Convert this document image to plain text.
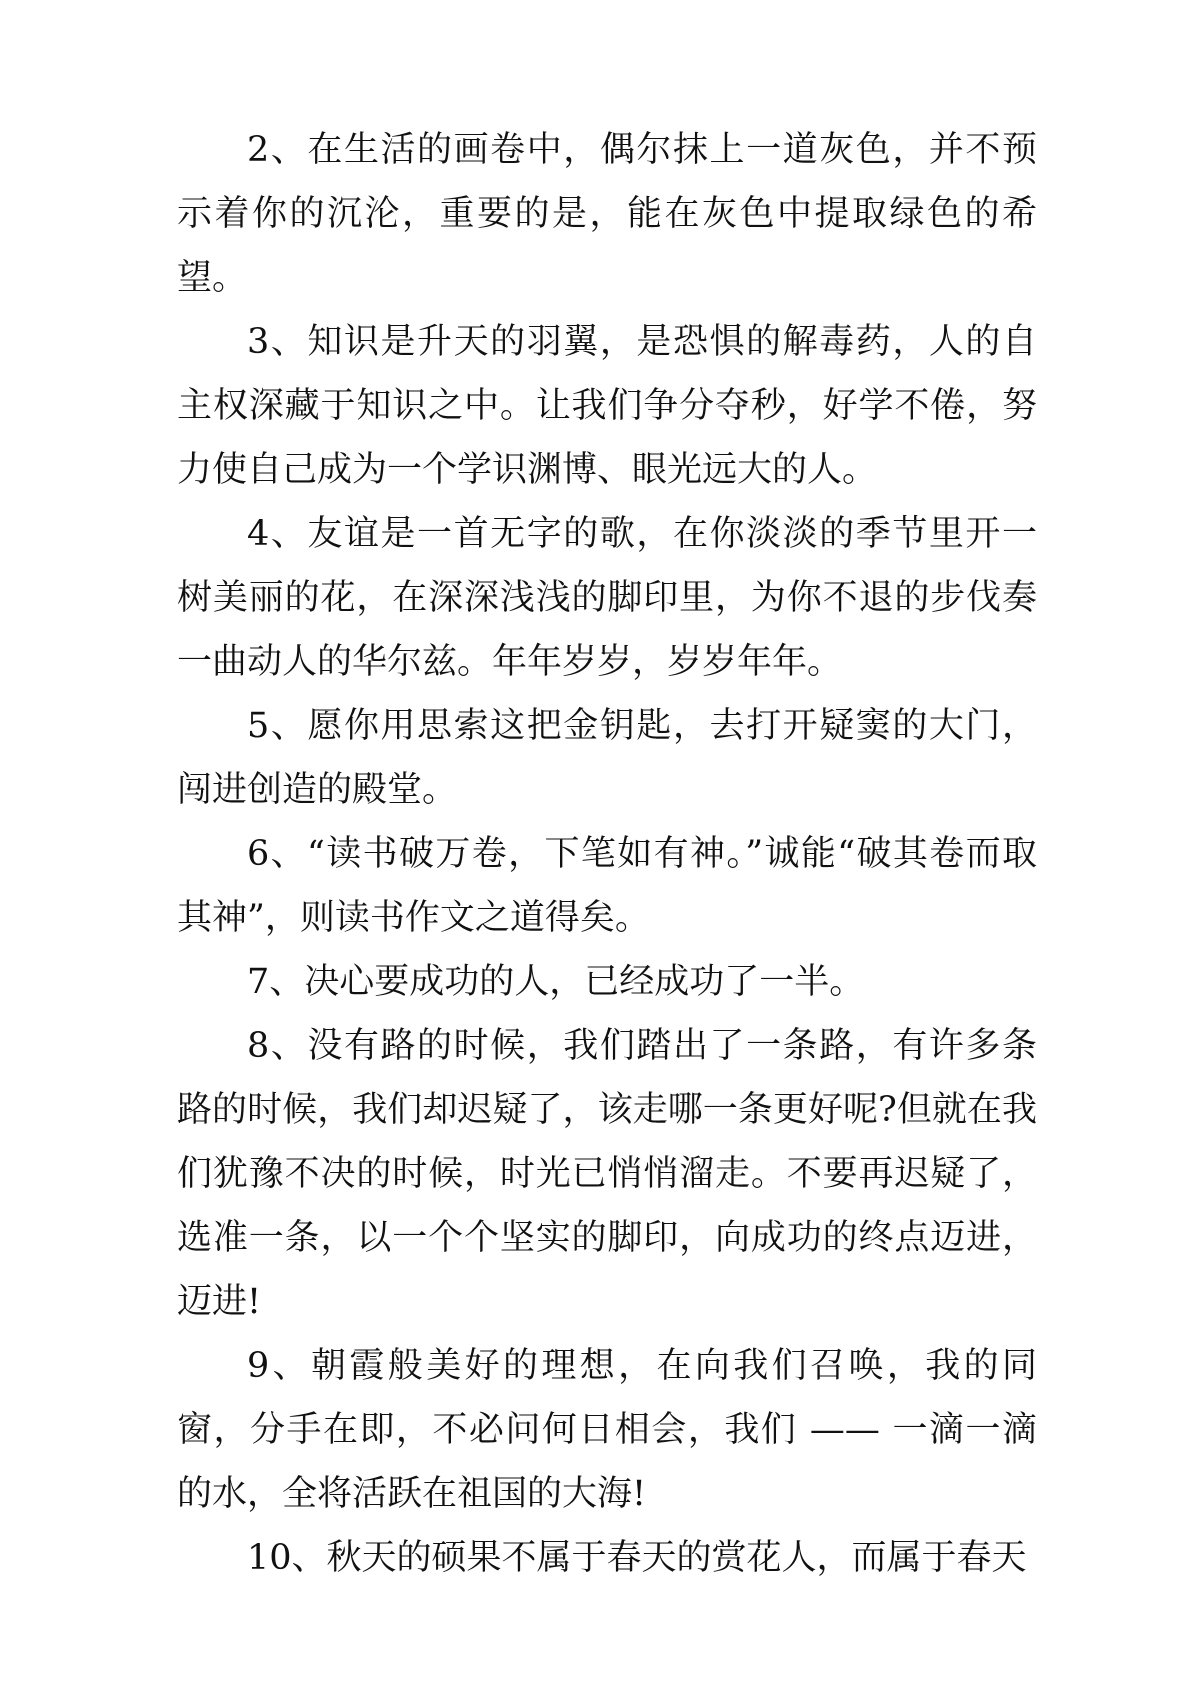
2、在生活的画卷中，偶尔抹上一道灰色，并不预示着你的沉沦，重要的是，能在灰色中提取绿色的希望。

3、知识是升天的羽翼，是恐惧的解毒药，人的自主权深藏于知识之中。让我们争分夺秒，好学不倦，努力使自己成为一个学识渊博、眼光远大的人。

4、友谊是一首无字的歌，在你淡淡的季节里开一树美丽的花，在深深浅浅的脚印里，为你不退的步伐奏一曲动人的华尔兹。年年岁岁，岁岁年年。

5、愿你用思索这把金钥匙，去打开疑窦的大门，闯进创造的殿堂。

6、“读书破万卷，下笔如有神。”诚能“破其卷而取其神”，则读书作文之道得矣。

7、决心要成功的人，已经成功了一半。

8、没有路的时候，我们踏出了一条路，有许多条路的时候，我们却迟疑了，该走哪一条更好呢?但就在我们犹豫不决的时候，时光已悄悄溜走。不要再迟疑了，选准一条，以一个个坚实的脚印，向成功的终点迈进，迈进!

9、朝霞般美好的理想，在向我们召唤，我的同窗，分手在即，不必问何日相会，我们 —— 一滴一滴的水，全将活跃在祖国的大海!

10、秋天的硕果不属于春天的赏花人，而属于春天
